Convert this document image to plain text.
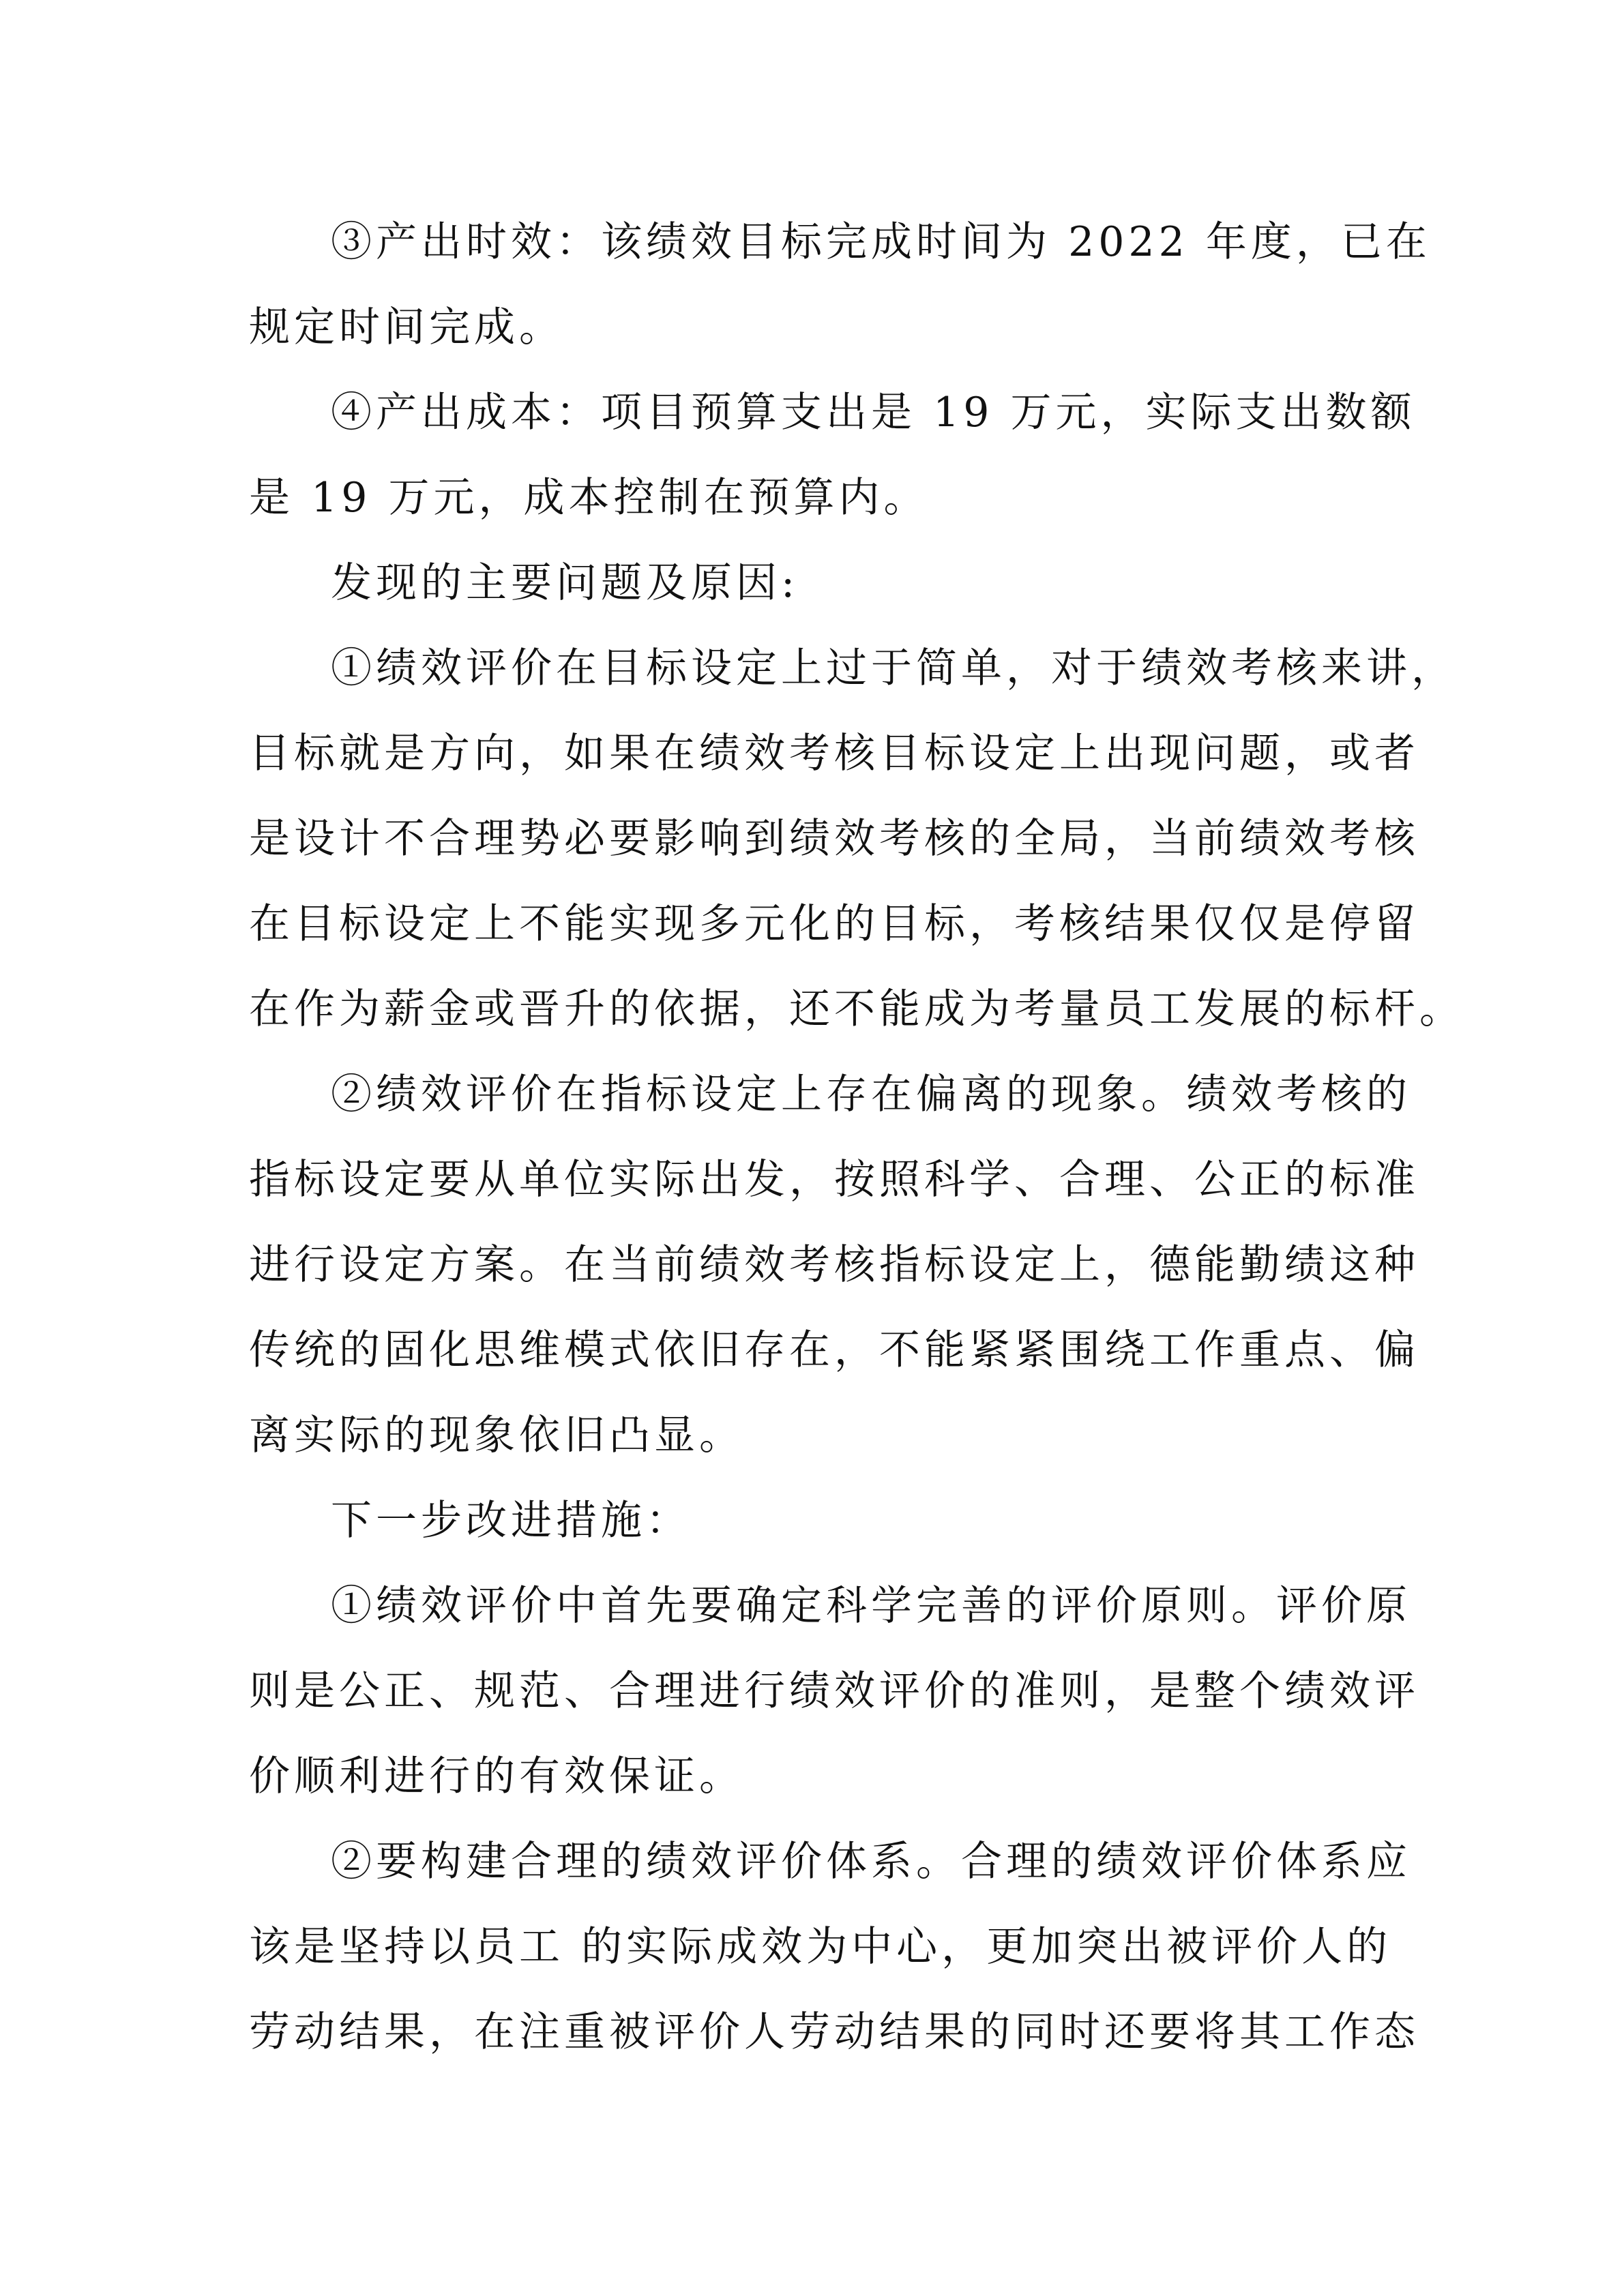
③产出时效：该绩效目标完成时间为 2022 年度，已在
规定时间完成。
④产出成本：项目预算支出是 19 万元，实际支出数额
是 19 万元，成本控制在预算内。
发现的主要问题及原因:
①绩效评价在目标设定上过于简单，对于绩效考核来讲，
目标就是方向，如果在绩效考核目标设定上出现问题，或者
是设计不合理势必要影响到绩效考核的全局，当前绩效考核
在目标设定上不能实现多元化的目标，考核结果仅仅是停留
在作为薪金或晋升的依据，还不能成为考量员工发展的标杆。
②绩效评价在指标设定上存在偏离的现象。绩效考核的
指标设定要从单位实际出发，按照科学、合理、公正的标准
进行设定方案。在当前绩效考核指标设定上，德能勤绩这种
传统的固化思维模式依旧存在，不能紧紧围绕工作重点、偏
离实际的现象依旧凸显。
下一步改进措施：
①绩效评价中首先要确定科学完善的评价原则。评价原
则是公正、规范、合理进行绩效评价的准则，是整个绩效评
价顺利进行的有效保证。
②要构建合理的绩效评价体系。合理的绩效评价体系应
该是坚持以员工 的实际成效为中心，更加突出被评价人的
劳动结果，在注重被评价人劳动结果的同时还要将其工作态
